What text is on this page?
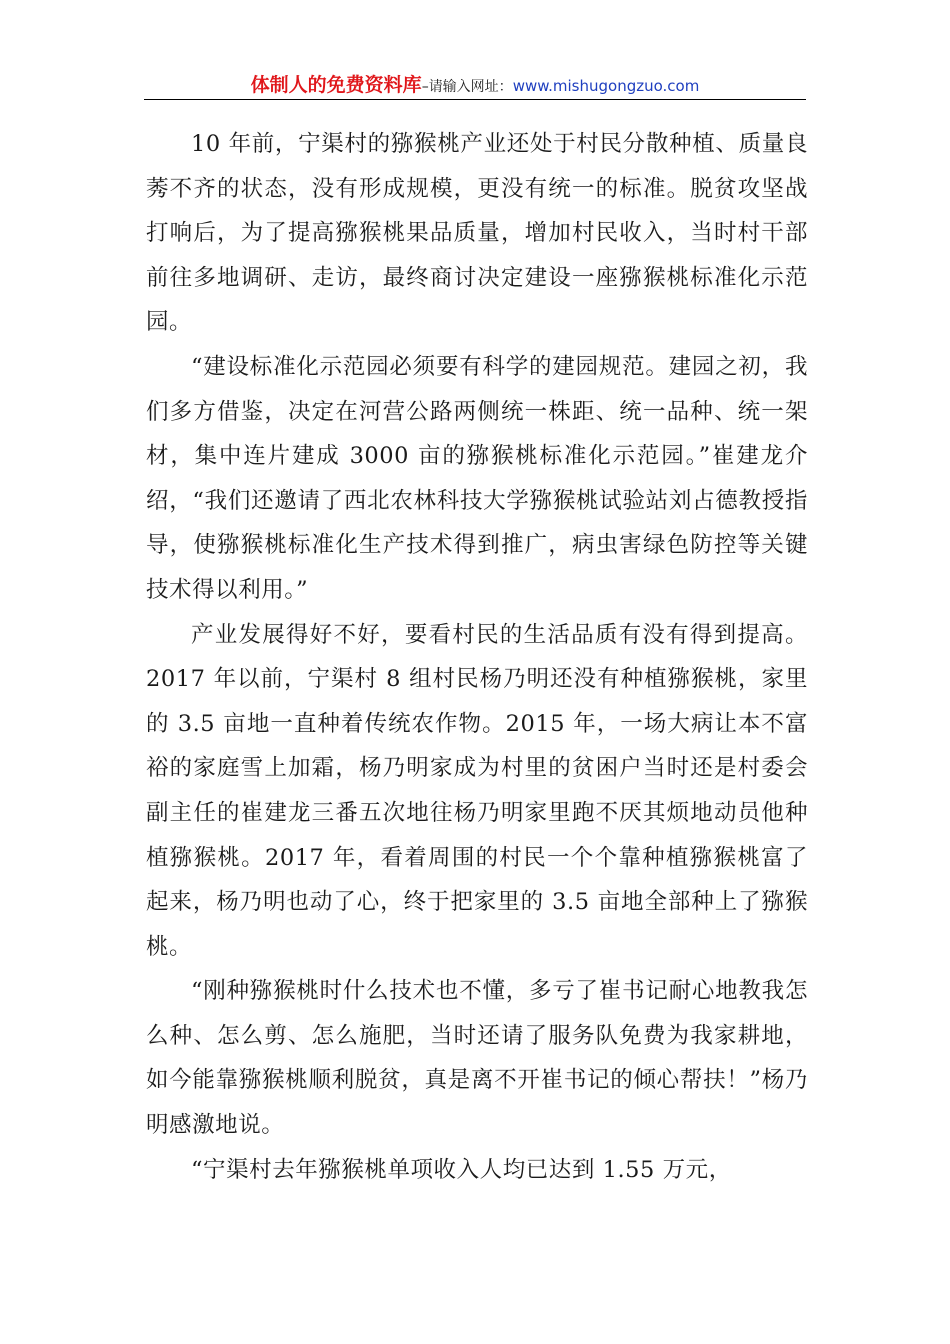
体制人的免费资料库–请输入网址：www.mishugongzuo.com

10 年前，宁渠村的猕猴桃产业还处于村民分散种植、质量良莠不齐的状态，没有形成规模，更没有统一的标准。脱贫攻坚战打响后，为了提高猕猴桃果品质量，增加村民收入，当时村干部前往多地调研、走访，最终商讨决定建设一座猕猴桃标准化示范园。

“建设标准化示范园必须要有科学的建园规范。建园之初，我们多方借鉴，决定在河营公路两侧统一株距、统一品种、统一架材，集中连片建成 3000 亩的猕猴桃标准化示范园。”崔建龙介绍，“我们还邀请了西北农林科技大学猕猴桃试验站刘占德教授指导，使猕猴桃标准化生产技术得到推广，病虫害绿色防控等关键技术得以利用。”

产业发展得好不好，要看村民的生活品质有没有得到提高。2017 年以前，宁渠村 8 组村民杨乃明还没有种植猕猴桃，家里的 3.5 亩地一直种着传统农作物。2015 年，一场大病让本不富裕的家庭雪上加霜，杨乃明家成为村里的贫困户当时还是村委会副主任的崔建龙三番五次地往杨乃明家里跑不厌其烦地动员他种植猕猴桃。2017 年，看着周围的村民一个个靠种植猕猴桃富了起来，杨乃明也动了心，终于把家里的 3.5 亩地全部种上了猕猴桃。

“刚种猕猴桃时什么技术也不懂，多亏了崔书记耐心地教我怎么种、怎么剪、怎么施肥，当时还请了服务队免费为我家耕地，如今能靠猕猴桃顺利脱贫，真是离不开崔书记的倾心帮扶！”杨乃明感激地说。

“宁渠村去年猕猴桃单项收入人均已达到 1.55 万元，
